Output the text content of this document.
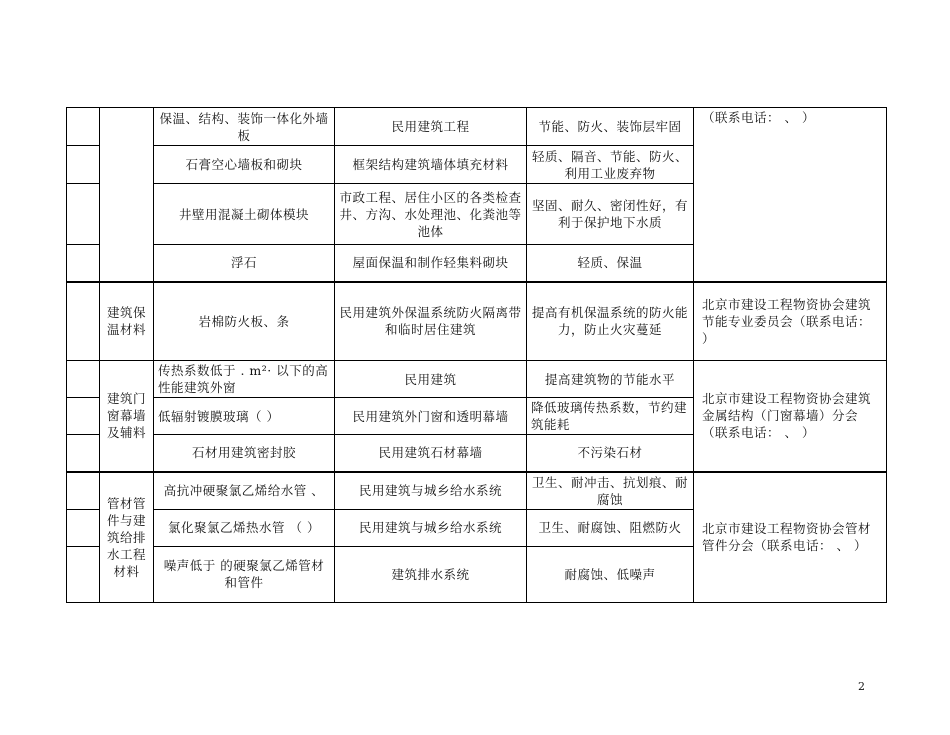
		保温、结构、装饰一体化外墙板	民用建筑工程	节能、防火、装饰层牢固	（联系电话： 、 ）
		石膏空心墙板和砌块	框架结构建筑墙体填充材料	轻质、隔音、节能、防火、利用工业废弃物	
		井壁用混凝土砌体模块	市政工程、居住小区的各类检查井、方沟、水处理池、化粪池等池体	坚固、耐久、密闭性好，有利于保护地下水质	
		浮石	屋面保温和制作轻集料砌块	轻质、保温	
	建筑保温材料	岩棉防火板、条	民用建筑外保温系统防火隔离带和临时居住建筑	提高有机保温系统的防火能力，防止火灾蔓延	北京市建设工程物资协会建筑节能专业委员会（联系电话： ）
	建筑门窗幕墙及辅料	传热系数低于 . m²· 以下的高性能建筑外窗	民用建筑	提高建筑物的节能水平	北京市建设工程物资协会建筑金属结构（门窗幕墙）分会（联系电话： 、 ）
		低辐射镀膜玻璃（ ）	民用建筑外门窗和透明幕墙	降低玻璃传热系数，节约建筑能耗	
		石材用建筑密封胶	民用建筑石材幕墙	不污染石材	
	管材管件与建筑给排水工程材料	高抗冲硬聚氯乙烯给水管 、	民用建筑与城乡给水系统	卫生、耐冲击、抗划痕、耐腐蚀	北京市建设工程物资协会管材管件分会（联系电话： 、 ）
		氯化聚氯乙烯热水管 （ ）	民用建筑与城乡给水系统	卫生、耐腐蚀、阻燃防火	
		噪声低于 的硬聚氯乙烯管材和管件	建筑排水系统	耐腐蚀、低噪声	
2
